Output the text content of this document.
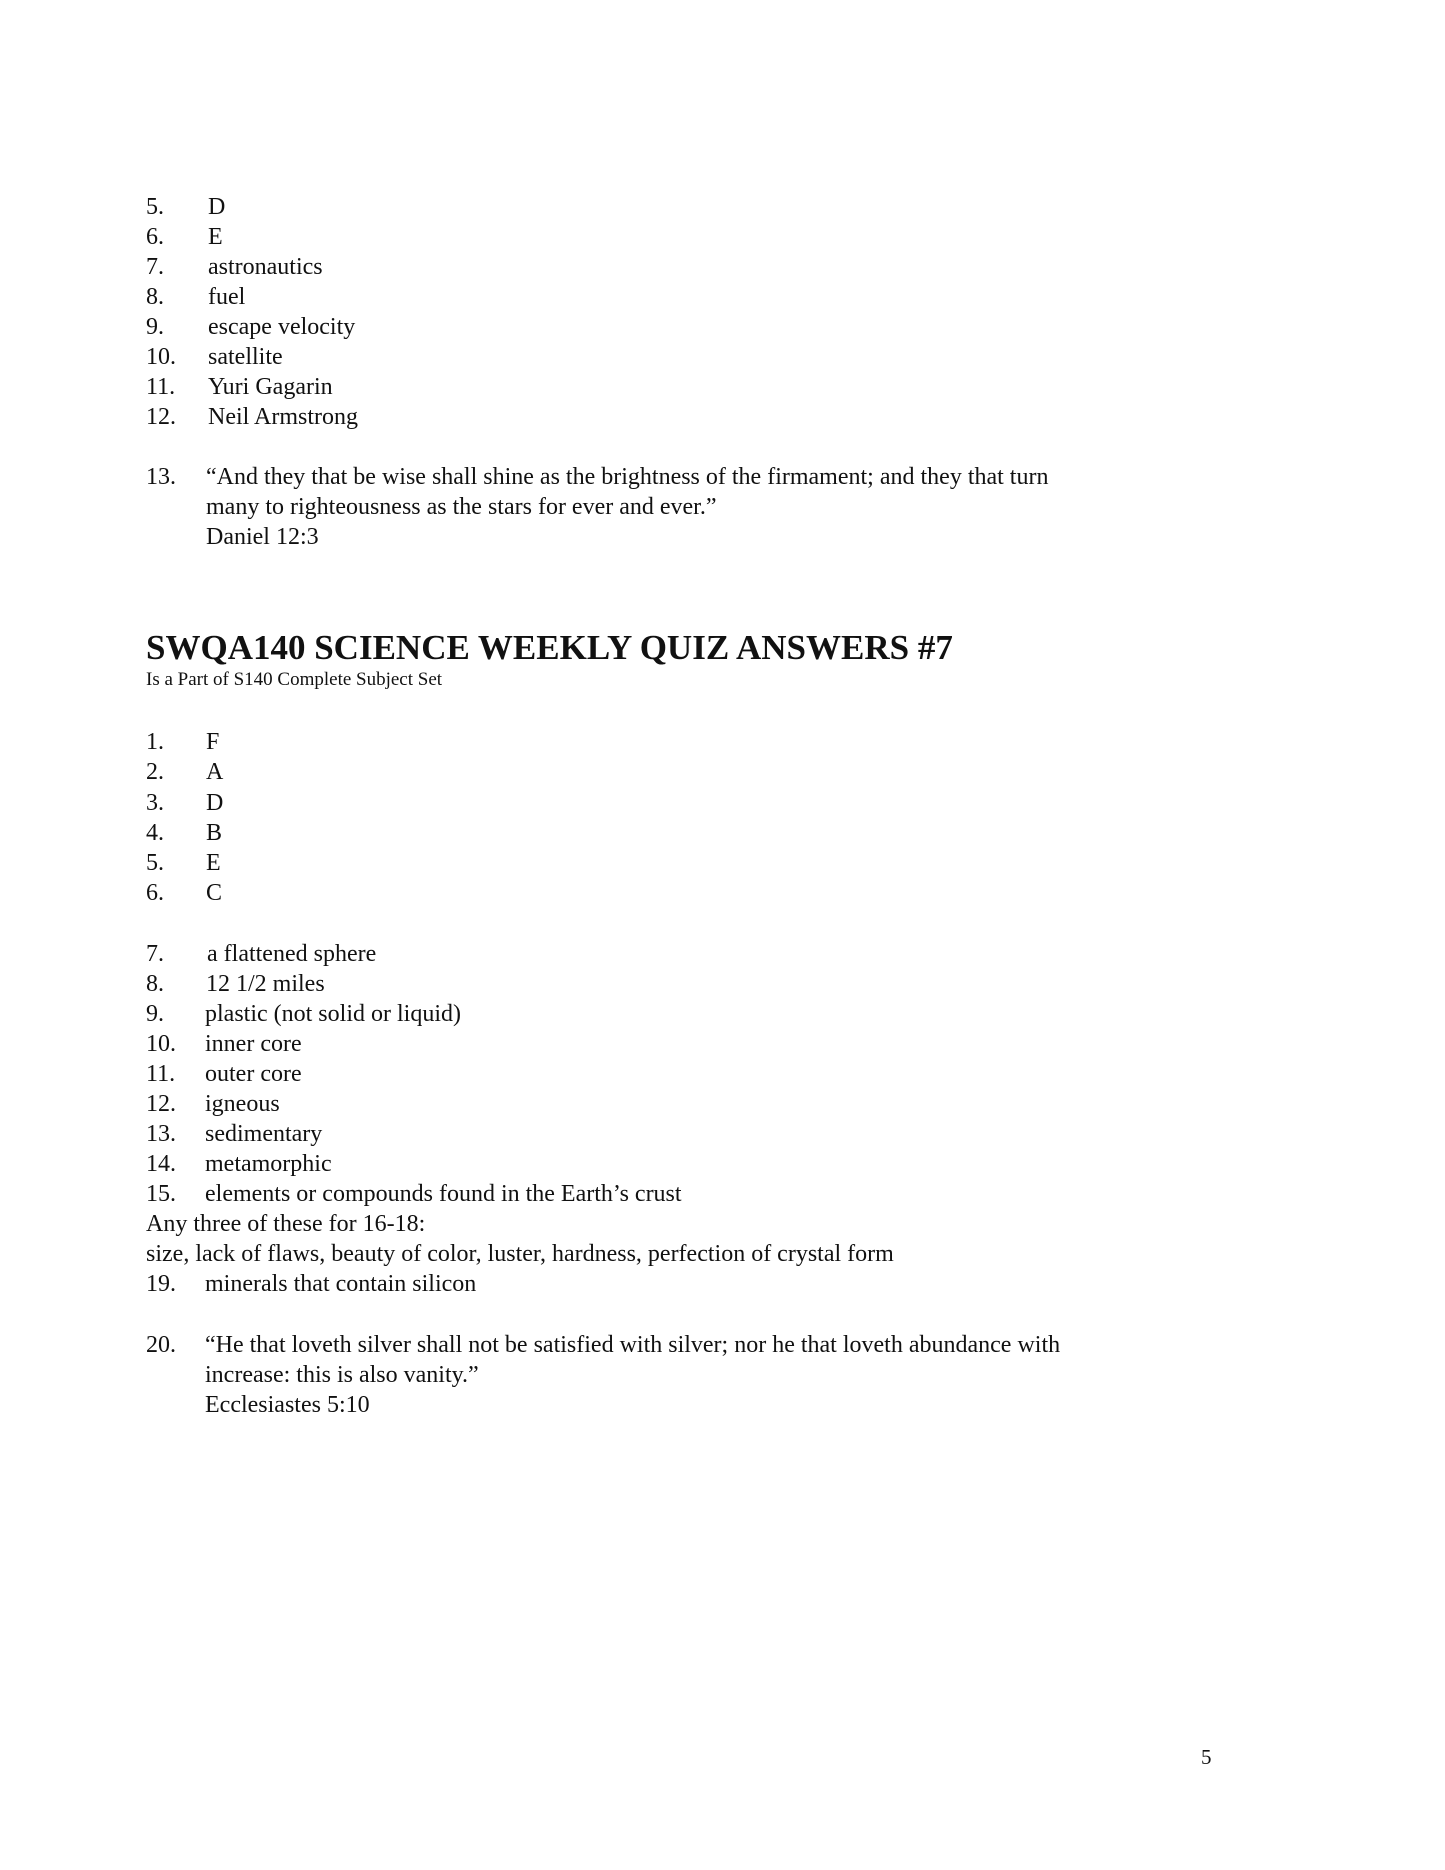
5. D
6. E
7. astronautics
8. fuel
9. escape velocity
10. satellite
11. Yuri Gagarin
12. Neil Armstrong
13. “And they that be wise shall shine as the brightness of the firmament; and they that turn
many to righteousness as the stars for ever and ever.”
Daniel 12:3
SWQA140 SCIENCE WEEKLY QUIZ ANSWERS #7
Is a Part of S140 Complete Subject Set
1. F
2. A
3. D
4. B
5. E
6. C
7. a flattened sphere
8. 12 1/2 miles
9. plastic (not solid or liquid)
10. inner core
11. outer core
12. igneous
13. sedimentary
14. metamorphic
15. elements or compounds found in the Earth’s crust
Any three of these for 16-18:
size, lack of flaws, beauty of color, luster, hardness, perfection of crystal form
19. minerals that contain silicon
20. “He that loveth silver shall not be satisfied with silver; nor he that loveth abundance with
increase: this is also vanity.”
Ecclesiastes 5:10
5
